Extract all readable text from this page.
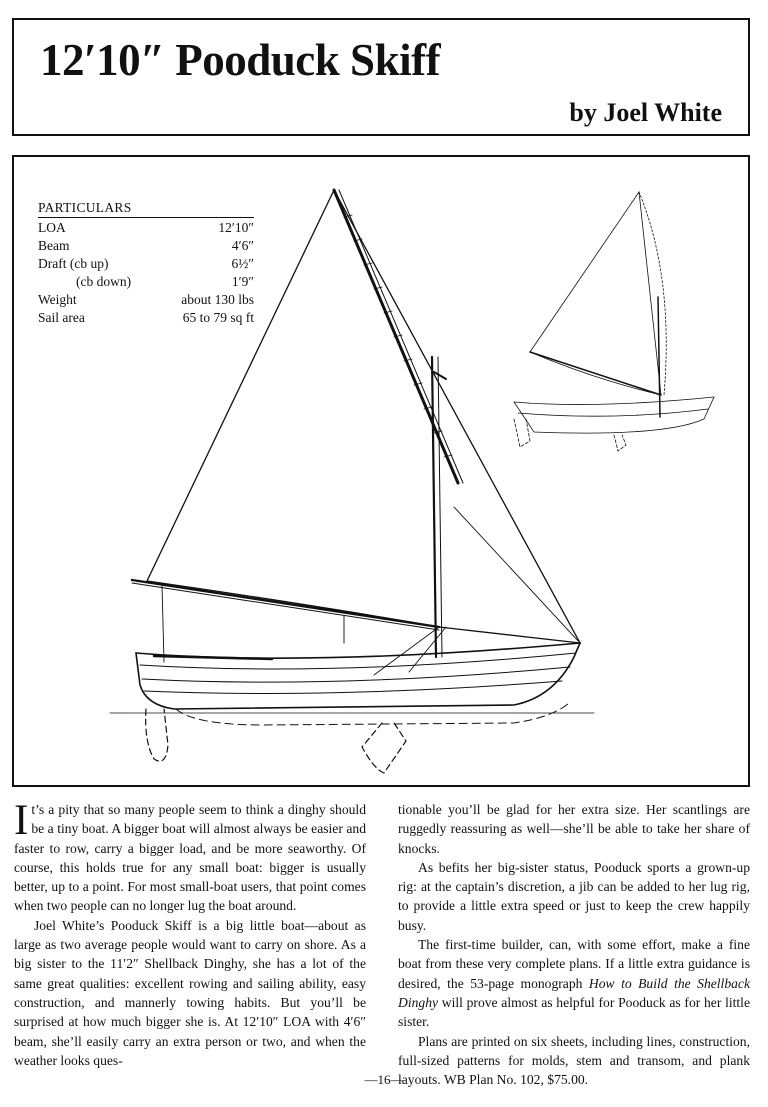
12′10″ Pooduck Skiff

by Joel White

PARTICULARS
LOA	12′10″
Beam	4′6″
Draft (cb up)	6½″
(cb down)	1′9″
Weight	about 130 lbs
Sail area	65 to 79 sq ft

It’s a pity that so many people seem to think a dinghy should be a tiny boat. A bigger boat will almost always be easier and faster to row, carry a bigger load, and be more seaworthy. Of course, this holds true for any small boat: bigger is usually better, up to a point. For most small-boat users, that point comes when two people can no longer lug the boat around.

Joel White’s Pooduck Skiff is a big little boat—about as large as two average people would want to carry on shore. As a big sister to the 11′2″ Shellback Dinghy, she has a lot of the same great qualities: excellent rowing and sailing ability, easy construction, and mannerly towing habits. But you’ll be surprised at how much bigger she is. At 12′10″ LOA with 4′6″ beam, she’ll easily carry an extra person or two, and when the weather looks ques-

tionable you’ll be glad for her extra size. Her scantlings are ruggedly reassuring as well—she’ll be able to take her share of knocks.

As befits her big-sister status, Pooduck sports a grown-up rig: at the captain’s discretion, a jib can be added to her lug rig, to provide a little extra speed or just to keep the crew happily busy.

The first-time builder, can, with some effort, make a fine boat from these very complete plans. If a little extra guidance is desired, the 53-page monograph How to Build the Shellback Dinghy will prove almost as helpful for Pooduck as for her little sister.

Plans are printed on six sheets, including lines, construction, full-sized patterns for molds, stem and transom, and plank layouts. WB Plan No. 102, $75.00.

—16—
